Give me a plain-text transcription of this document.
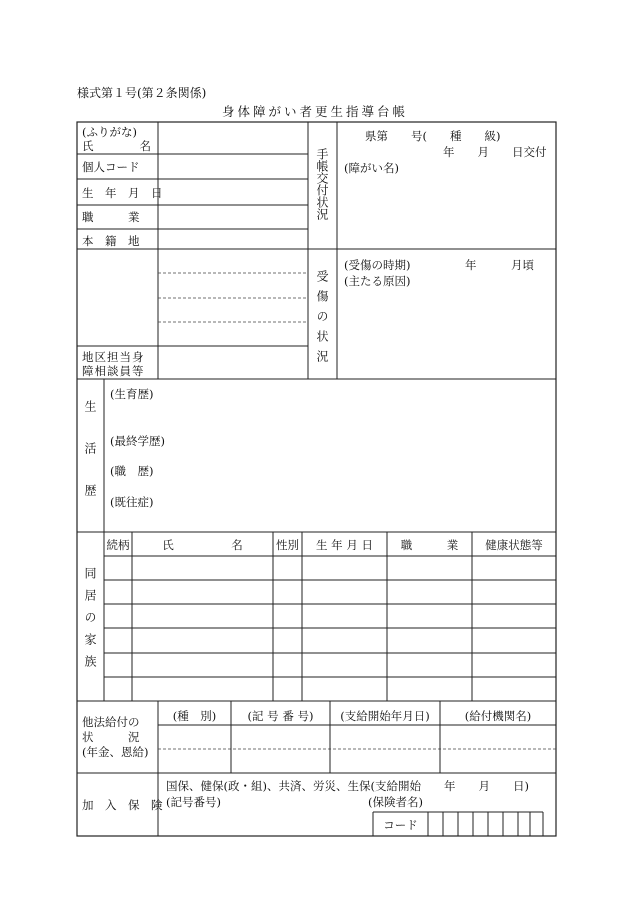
様式第１号(第２条関係)
身体障がい者更生指導台帳
(ふりがな)
氏　　　　名
個人コード
生　年　月　日
職　　　業
本　籍　地
手帳交付状況
県第　　号(　　種　　級)
年　　月　　日交付
(障がい名)
地区担当身
障相談員等
受傷の状況
(受傷の時期)	年　　　月頃
(主たる原因)
生活歴
(生育歴)
(最終学歴)
(職　歴)
(既往症)
同居の家族
続柄	氏　　　　　名	性別	生 年 月 日	職　　　業	健康状態等
他法給付の
状　　　況
(年金、恩給)
(種　別)	(記 号 番 号)	(支給開始年月日)	(給付機関名)
加　入　保　険
国保、健保(政・組)、共済、労災、生保(支給開始　　年　　月　　日)
(記号番号)	(保険者名)
コード
